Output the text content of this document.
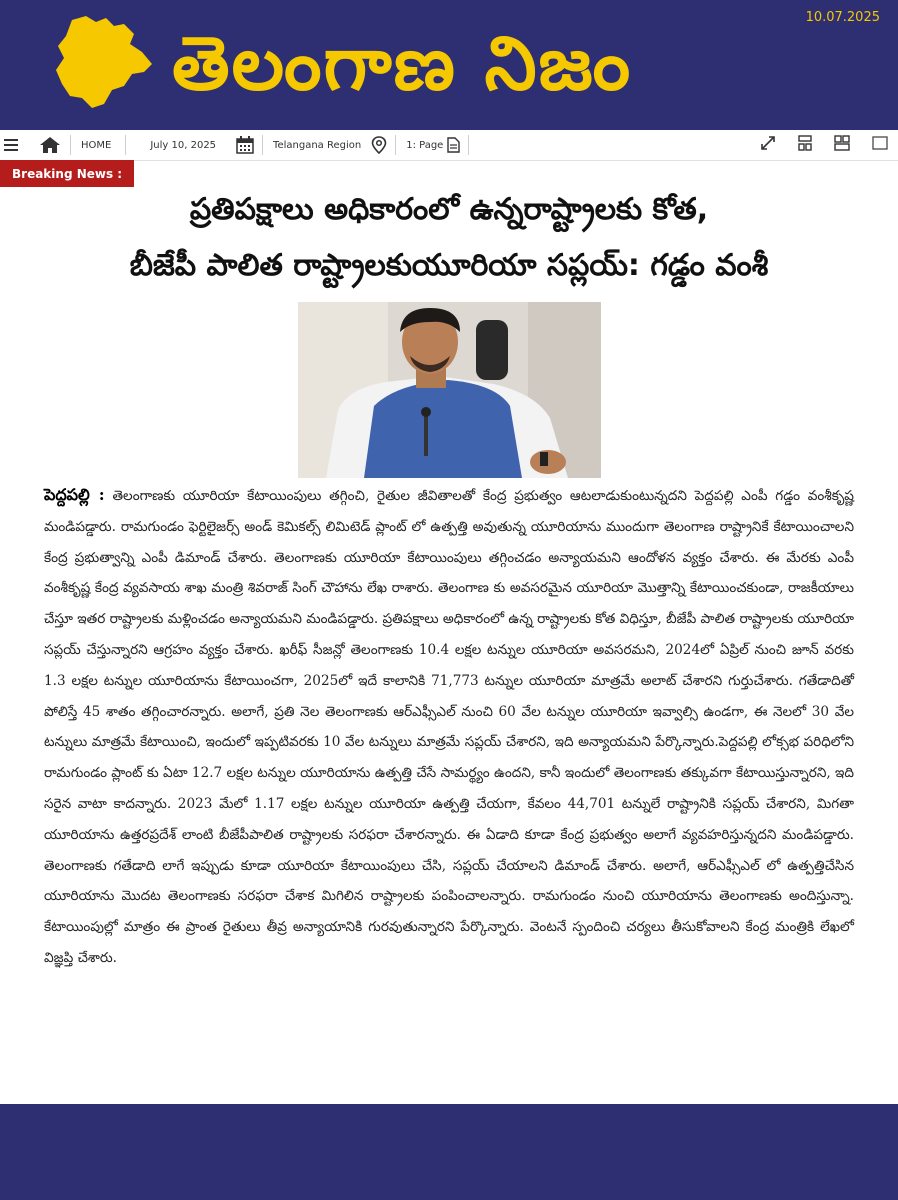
తెలంగాణ నిజం
10.07.2025
HOME	July 10, 2025	Telangana Region	1: Page
Breaking News :
ప్రతిపక్షాలు అధికారంలో ఉన్నరాష్ట్రాలకు కోత,
బీజేపీ పాలిత రాష్ట్రాలకుయూరియా సప్లయ్: గడ్డం వంశీ
పెద్దపల్లి : తెలంగాణకు యూరియా కేటాయింపులు తగ్గించి, రైతుల జీవితాలతో కేంద్ర ప్రభుత్వం ఆటలాడుకుంటున్నదని పెద్దపల్లి ఎంపీ గడ్డం వంశీకృష్ణ మండిపడ్డారు. రామగుండం ఫెర్టిలైజర్స్ అండ్ కెమికల్స్ లిమిటెడ్ ప్లాంట్ లో ఉత్పత్తి అవుతున్న యూరియాను ముందుగా తెలంగాణ రాష్ట్రానికే కేటాయించాలని కేంద్ర ప్రభుత్వాన్ని ఎంపీ డిమాండ్ చేశారు. తెలంగాణకు యూరియా కేటాయింపులు తగ్గించడం అన్యాయమని ఆందోళన వ్యక్తం చేశారు. ఈ మేరకు ఎంపీ వంశీకృష్ణ కేంద్ర వ్యవసాయ శాఖ మంత్రి శివరాజ్ సింగ్ చౌహాను లేఖ రాశారు. తెలంగాణ కు అవసరమైన యూరియా మొత్తాన్ని కేటాయించకుండా, రాజకీయాలు చేస్తూ ఇతర రాష్ట్రాలకు మళ్లించడం అన్యాయమని మండిపడ్డారు. ప్రతిపక్షాలు అధికారంలో ఉన్న రాష్ట్రాలకు కోత విధిస్తూ, బీజేపీ పాలిత రాష్ట్రాలకు యూరియా సప్లయ్ చేస్తున్నారని ఆగ్రహం వ్యక్తం చేశారు. ఖరీఫ్ సీజన్లో తెలంగాణకు 10.4 లక్షల టన్నుల యూరియా అవసరమని, 2024లో ఏప్రిల్ నుంచి జూన్ వరకు 1.3 లక్షల టన్నుల యూరియాను కేటాయించగా, 2025లో ఇదే కాలానికి 71,773 టన్నుల యూరియా మాత్రమే అలాట్ చేశారని గుర్తుచేశారు. గతేడాదితో పోలిస్తే 45 శాతం తగ్గించారన్నారు. అలాగే, ప్రతి నెల తెలంగాణకు ఆర్ఎఫ్సీఎల్ నుంచి 60 వేల టన్నుల యూరియా ఇవ్వాల్సి ఉండగా, ఈ నెలలో 30 వేల టన్నులు మాత్రమే కేటాయించి, ఇందులో ఇప్పటివరకు 10 వేల టన్నులు మాత్రమే సప్లయ్ చేశారని, ఇది అన్యాయమని పేర్కొన్నారు.పెద్దపల్లి లోక్సభ పరిధిలోని రామగుండం ప్లాంట్ కు ఏటా 12.7 లక్షల టన్నుల యూరియాను ఉత్పత్తి చేసే సామర్థ్యం ఉందని, కానీ ఇందులో తెలంగాణకు తక్కువగా కేటాయిస్తున్నారని, ఇది సరైన వాటా కాదన్నారు. 2023 మేలో 1.17 లక్షల టన్నుల యూరియా ఉత్పత్తి చేయగా, కేవలం 44,701 టన్నులే రాష్ట్రానికి సప్లయ్ చేశారని, మిగతా యూరియాను ఉత్తరప్రదేశ్ లాంటి బీజేపీపాలిత రాష్ట్రాలకు సరఫరా చేశారన్నారు. ఈ ఏడాది కూడా కేంద్ర ప్రభుత్వం అలాగే వ్యవహరిస్తున్నదని మండిపడ్డారు. తెలంగాణకు గతేడాది లాగే ఇప్పుడు కూడా యూరియా కేటాయింపులు చేసి, సప్లయ్ చేయాలని డిమాండ్ చేశారు. అలాగే, ఆర్ఎఫ్సీఎల్ లో ఉత్పత్తిచేసిన యూరియాను మొదట తెలంగాణకు సరఫరా చేశాక మిగిలిన రాష్ట్రాలకు పంపించాలన్నారు. రామగుండం నుంచి యూరియాను తెలంగాణకు అందిస్తున్నా. కేటాయింపుల్లో మాత్రం ఈ ప్రాంత రైతులు తీవ్ర అన్యాయానికి గురవుతున్నారని పేర్కొన్నారు. వెంటనే స్పందించి చర్యలు తీసుకోవాలని కేంద్ర మంత్రికి లేఖలో విజ్ఞప్తి చేశారు.
